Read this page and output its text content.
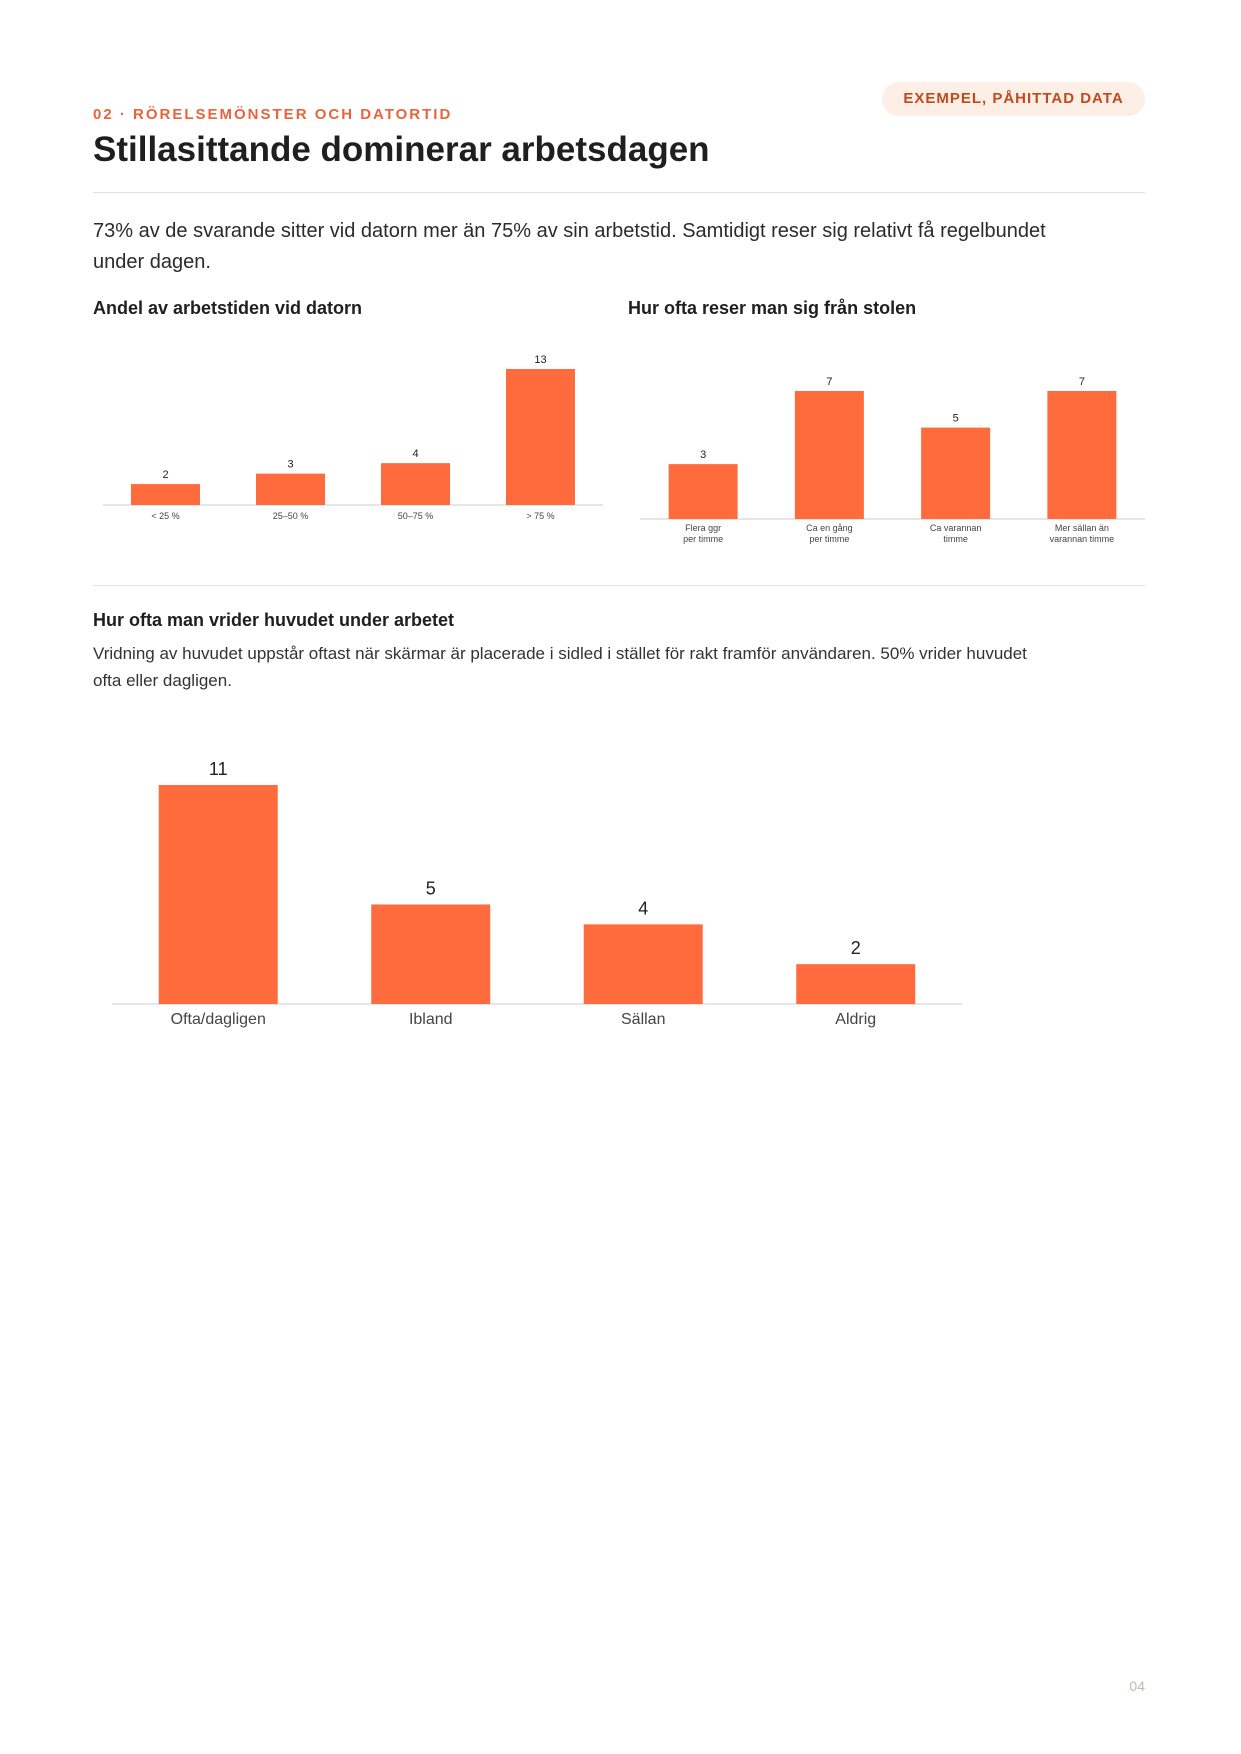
EXEMPEL, PÅHITTAD DATA
02 · RÖRELSEMÖNSTER OCH DATORTID
Stillasittande dominerar arbetsdagen
73% av de svarande sitter vid datorn mer än 75% av sin arbetstid. Samtidigt reser sig relativt få regelbundet under dagen.
Andel av arbetstiden vid datorn
2
< 25 %
3
25–50 %
4
50–75 %
13
> 75 %
Hur ofta reser man sig från stolen
3
Flera ggr
per timme
7
Ca en gång
per timme
5
Ca varannan
timme
7
Mer sällan än
varannan timme
Hur ofta man vrider huvudet under arbetet
Vridning av huvudet uppstår oftast när skärmar är placerade i sidled i stället för rakt framför användaren. 50% vrider huvudet ofta eller dagligen.
11
Ofta/dagligen
5
Ibland
4
Sällan
2
Aldrig
04
